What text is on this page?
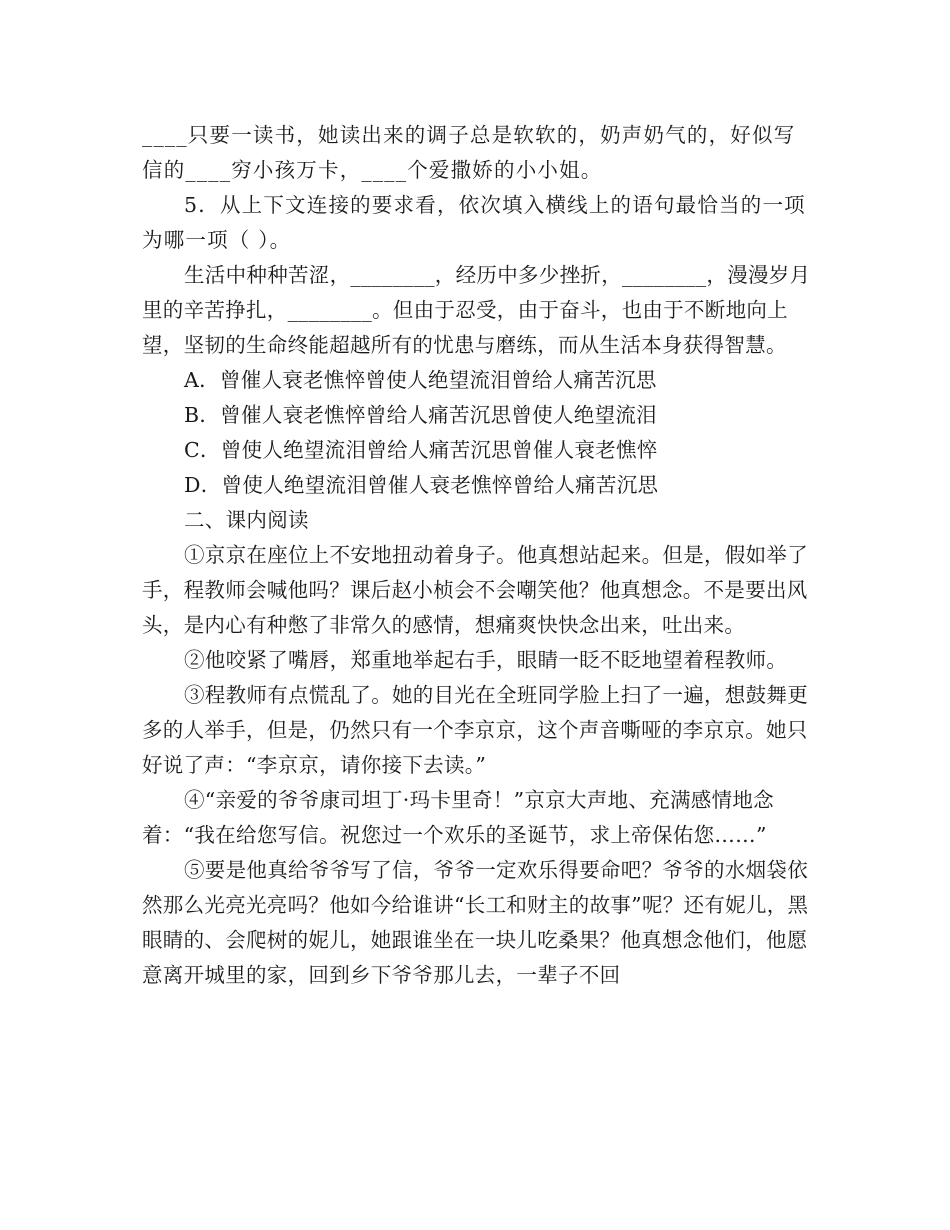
____只要一读书，她读出来的调子总是软软的，奶声奶气的，好似写信的____穷小孩万卡，____个爱撒娇的小小姐。

5．从上下文连接的要求看，依次填入横线上的语句最恰当的一项为哪一项（ ）。

生活中种种苦涩，________，经历中多少挫折，________，漫漫岁月里的辛苦挣扎，________。但由于忍受，由于奋斗，也由于不断地向上望，坚韧的生命终能超越所有的忧患与磨练，而从生活本身获得智慧。

A．曾催人衰老憔悴曾使人绝望流泪曾给人痛苦沉思

B．曾催人衰老憔悴曾给人痛苦沉思曾使人绝望流泪

C．曾使人绝望流泪曾给人痛苦沉思曾催人衰老憔悴

D．曾使人绝望流泪曾催人衰老憔悴曾给人痛苦沉思

二、课内阅读

①京京在座位上不安地扭动着身子。他真想站起来。但是，假如举了手，程教师会喊他吗？课后赵小桢会不会嘲笑他？他真想念。不是要出风头，是内心有种憋了非常久的感情，想痛爽快快念出来，吐出来。

②他咬紧了嘴唇，郑重地举起右手，眼睛一眨不眨地望着程教师。

③程教师有点慌乱了。她的目光在全班同学脸上扫了一遍，想鼓舞更多的人举手，但是，仍然只有一个李京京，这个声音嘶哑的李京京。她只好说了声：“李京京，请你接下去读。”

④“亲爱的爷爷康司坦丁·玛卡里奇！”京京大声地、充满感情地念着：“我在给您写信。祝您过一个欢乐的圣诞节，求上帝保佑您……”

⑤要是他真给爷爷写了信，爷爷一定欢乐得要命吧？爷爷的水烟袋依然那么光亮光亮吗？他如今给谁讲“长工和财主的故事”呢？还有妮儿，黑眼睛的、会爬树的妮儿，她跟谁坐在一块儿吃桑果？他真想念他们，他愿意离开城里的家，回到乡下爷爷那儿去，一辈子不回
